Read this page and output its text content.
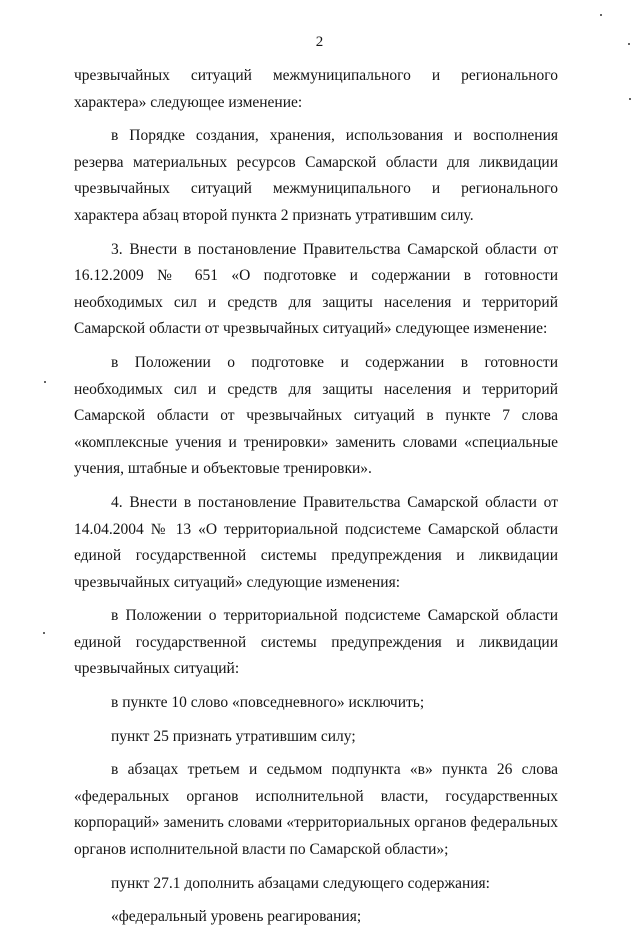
2

чрезвычайных ситуаций межмуниципального и регионального характера» следующее изменение:

в Порядке создания, хранения, использования и восполнения резерва материальных ресурсов Самарской области для ликвидации чрезвычайных ситуаций межмуниципального и регионального характера абзац второй пункта 2 признать утратившим силу.

3. Внести в постановление Правительства Самарской области от 16.12.2009 № 651 «О подготовке и содержании в готовности необходимых сил и средств для защиты населения и территорий Самарской области от чрезвычайных ситуаций» следующее изменение:

в Положении о подготовке и содержании в готовности необходимых сил и средств для защиты населения и территорий Самарской области от чрезвычайных ситуаций в пункте 7 слова «комплексные учения и тренировки» заменить словами «специальные учения, штабные и объектовые тренировки».

4. Внести в постановление Правительства Самарской области от 14.04.2004 № 13 «О территориальной подсистеме Самарской области единой государственной системы предупреждения и ликвидации чрезвычайных ситуаций» следующие изменения:

в Положении о территориальной подсистеме Самарской области единой государственной системы предупреждения и ликвидации чрезвычайных ситуаций:

в пункте 10 слово «повседневного» исключить;

пункт 25 признать утратившим силу;

в абзацах третьем и седьмом подпункта «в» пункта 26 слова «федеральных органов исполнительной власти, государственных корпораций» заменить словами «территориальных органов федеральных органов исполнительной власти по Самарской области»;

пункт 27.1 дополнить абзацами следующего содержания:

«федеральный уровень реагирования;
